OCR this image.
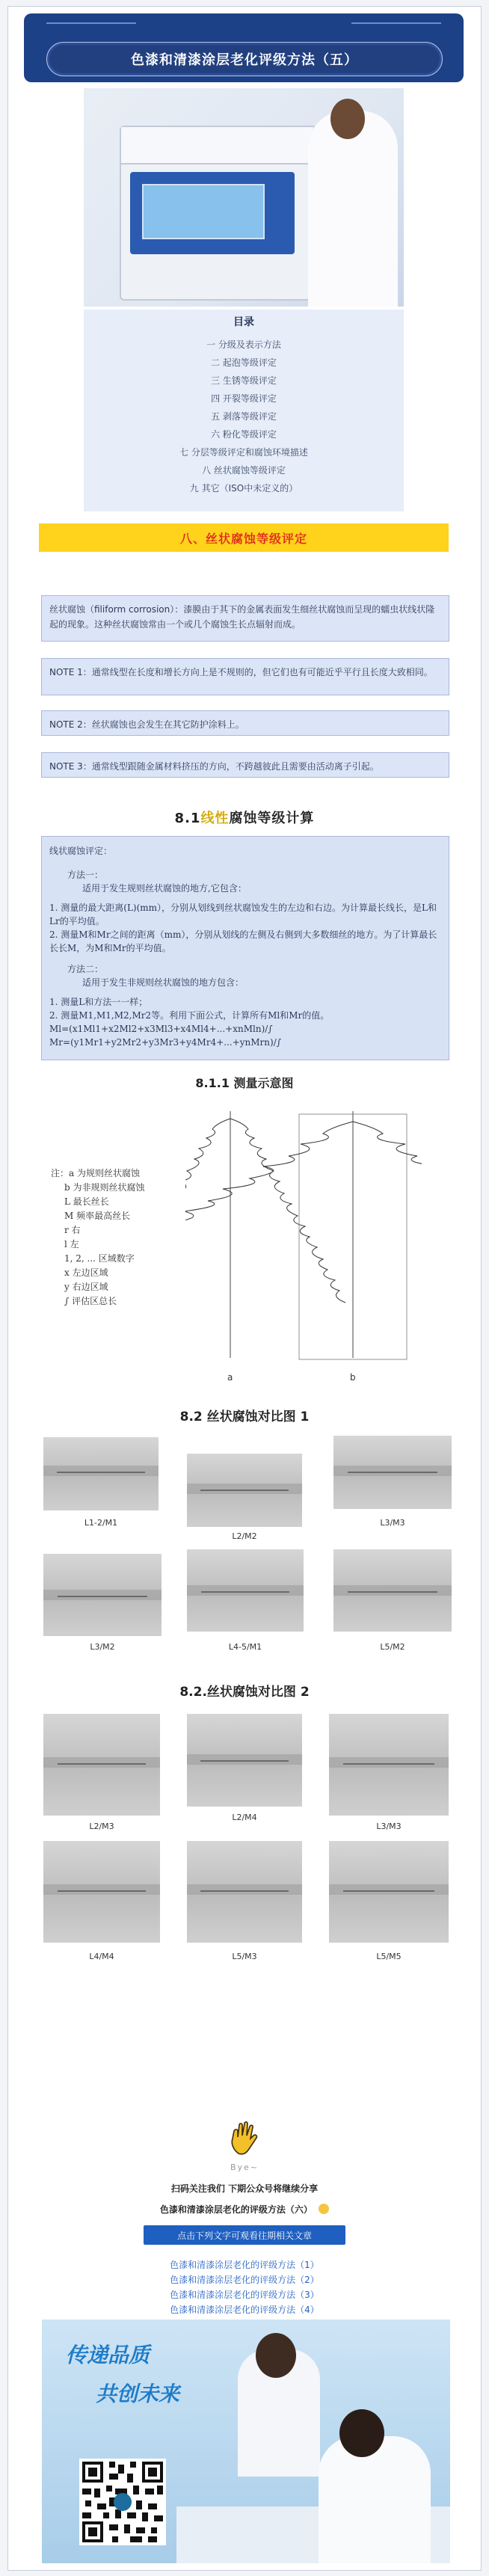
色漆和清漆涂层老化评级方法（五）
目录
一 分级及表示方法
二 起泡等级评定
三 生锈等级评定
四 开裂等级评定
五 剥落等级评定
六 粉化等级评定
七 分层等级评定和腐蚀环境描述
八 丝状腐蚀等级评定
九 其它（ISO中未定义的）
八、丝状腐蚀等级评定
丝状腐蚀（filiform corrosion）：漆膜由于其下的金属表面发生细丝状腐蚀而呈现的蠕虫状线状隆起的现象。这种丝状腐蚀常由一个或几个腐蚀生长点辐射而成。
NOTE 1：通常线型在长度和增长方向上是不规则的，但它们也有可能近乎平行且长度大致相同。
NOTE 2：丝状腐蚀也会发生在其它防护涂料上。
NOTE 3：通常线型跟随金属材料挤压的方向，不跨越彼此且需要由活动离子引起。
8.1线性腐蚀等级计算

线状腐蚀评定：

方法一：

适用于发生规则丝状腐蚀的地方,它包含：

1. 测量的最大距离(L)(mm），分别从划线到丝状腐蚀发生的左边和右边。为计算最长线长，是L和Lr的平均值。

2. 测量M和Mr之间的距离（mm），分别从划线的左侧及右侧到大多数细丝的地方。为了计算最长长长M，为M和Mr的平均值。

方法二：

适用于发生非规则丝状腐蚀的地方包含：

1. 测量L和方法一一样；

2. 测量M1,M1,M2,Mr2等。利用下面公式，计算所有Ml和Mr的值。

Ml=(x1Ml1+x2Ml2+x3Ml3+x4Ml4+...+xnMln)/∫

Mr=(y1Mr1+y2Mr2+y3Mr3+y4Mr4+...+ynMrn)/∫

8.1.1 测量示意图
注：a 为规则丝状腐蚀
b 为非规则丝状腐蚀
L 最长丝长
M 频率最高丝长
r 右
l 左
1, 2, ... 区域数字
x 左边区域
y 右边区域
∫ 评估区总长
a	b
8.2 丝状腐蚀对比图 1
L1-2/M1
L2/M2
L3/M3
L3/M2	L4-5/M1	L5/M2
8.2.丝状腐蚀对比图 2
L2/M3
L2/M4
L3/M3
L4/M4	L5/M3	L5/M5
Bye~
扫码关注我们 下期公众号将继续分享
色漆和清漆涂层老化的评级方法（六）
点击下列文字可观看往期相关文章
色漆和清漆涂层老化的评级方法（1）
色漆和清漆涂层老化的评级方法（2）
色漆和清漆涂层老化的评级方法（3）
色漆和清漆涂层老化的评级方法（4）
传递品质
共创未来
